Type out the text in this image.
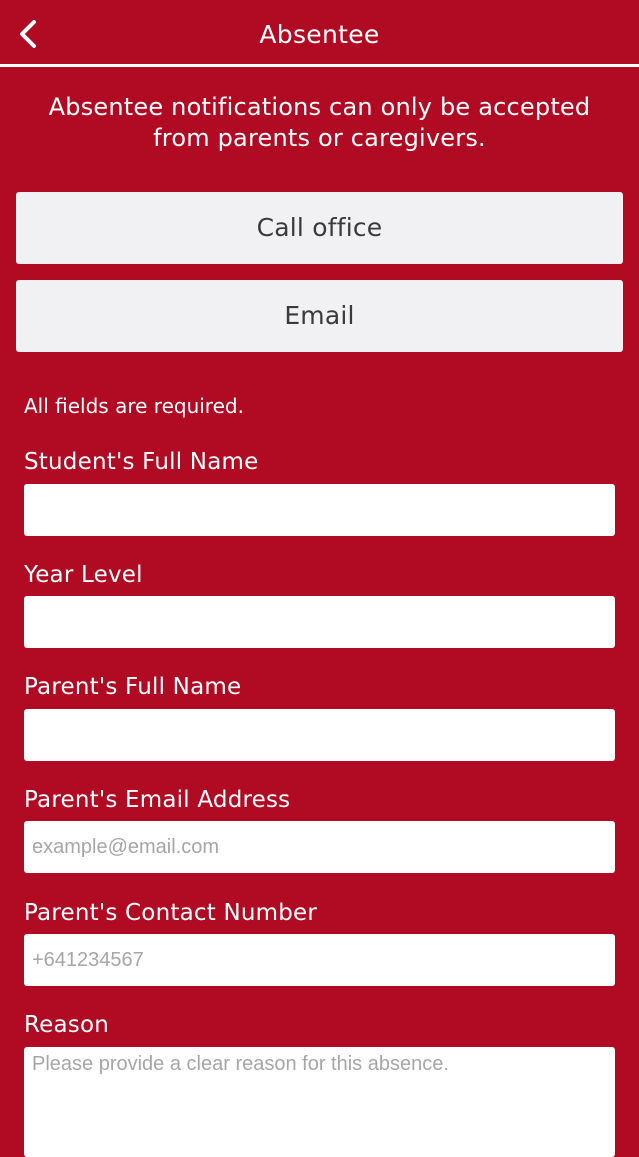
Absentee
Absentee notifications can only be accepted from parents or caregivers.
Call office
Email
All fields are required.
Student's Full Name
Year Level
Parent's Full Name
Parent's Email Address
example@email.com
Parent's Contact Number
+641234567
Reason
Please provide a clear reason for this absence.
